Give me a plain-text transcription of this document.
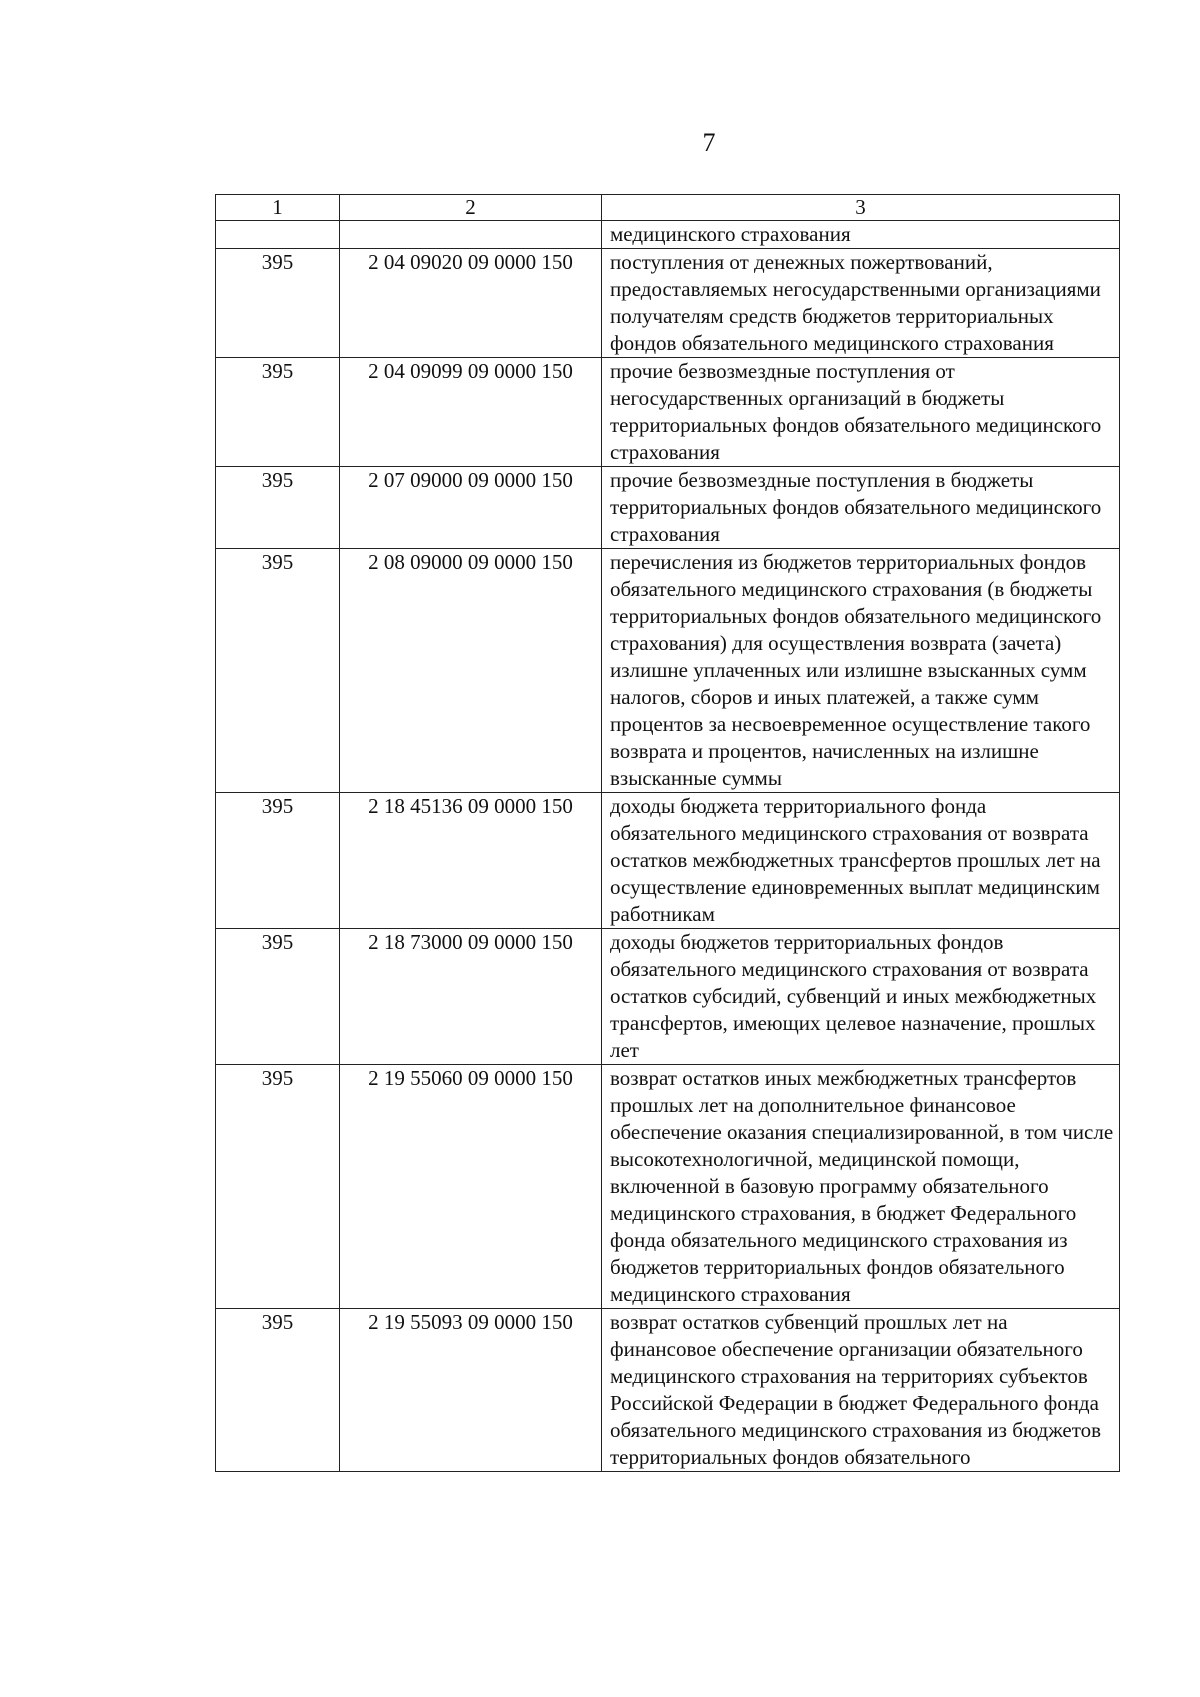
7
1	2	3
		медицинского страхования
395	2 04 09020 09 0000 150	поступления от денежных пожертвований, предоставляемых негосударственными организациями получателям средств бюджетов территориальных фондов обязательного медицинского страхования
395	2 04 09099 09 0000 150	прочие безвозмездные поступления от негосударственных организаций в бюджеты территориальных фондов обязательного медицинского страхования
395	2 07 09000 09 0000 150	прочие безвозмездные поступления в бюджеты территориальных фондов обязательного медицинского страхования
395	2 08 09000 09 0000 150	перечисления из бюджетов территориальных фондов обязательного медицинского страхования (в бюджеты территориальных фондов обязательного медицинского страхования) для осуществления возврата (зачета) излишне уплаченных или излишне взысканных сумм налогов, сборов и иных платежей, а также сумм процентов за несвоевременное осуществление такого возврата и процентов, начисленных на излишне взысканные суммы
395	2 18 45136 09 0000 150	доходы бюджета территориального фонда обязательного медицинского страхования от возврата остатков межбюджетных трансфертов прошлых лет на осуществление единовременных выплат медицинским работникам
395	2 18 73000 09 0000 150	доходы бюджетов территориальных фондов обязательного медицинского страхования от возврата остатков субсидий, субвенций и иных межбюджетных трансфертов, имеющих целевое назначение, прошлых лет
395	2 19 55060 09 0000 150	возврат остатков иных межбюджетных трансфертов прошлых лет на дополнительное финансовое обеспечение оказания специализированной, в том числе высокотехнологичной, медицинской помощи, включенной в базовую программу обязательного медицинского страхования, в бюджет Федерального фонда обязательного медицинского страхования из бюджетов территориальных фондов обязательного медицинского страхования
395	2 19 55093 09 0000 150	возврат остатков субвенций прошлых лет на финансовое обеспечение организации обязательного медицинского страхования на территориях субъектов Российской Федерации в бюджет Федерального фонда обязательного медицинского страхования из бюджетов территориальных фондов обязательного
